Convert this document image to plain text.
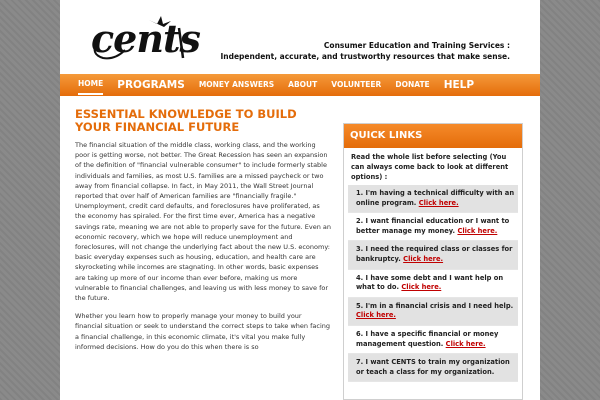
cents	Consumer Education and Training Services :
Independent, accurate, and trustworthy resources that make sense.
HOME PROGRAMS MONEY ANSWERS ABOUT VOLUNTEER DONATE HELP
ESSENTIAL KNOWLEDGE TO BUILD YOUR FINANCIAL FUTURE

The financial situation of the middle class, working class, and the working poor is getting worse, not better. The Great Recession has seen an expansion of the definition of "financial vulnerable consumer" to include formerly stable individuals and families, as most U.S. families are a missed paycheck or two away from financial collapse. In fact, in May 2011, the Wall Street Journal reported that over half of American families are "financially fragile." Unemployment, credit card defaults, and foreclosures have proliferated, as the economy has spiraled. For the first time ever, America has a negative savings rate, meaning we are not able to properly save for the future. Even an economic recovery, which we hope will reduce unemployment and foreclosures, will not change the underlying fact about the new U.S. economy: basic everyday expenses such as housing, education, and health care are skyrocketing while incomes are stagnating. In other words, basic expenses are taking up more of our income than ever before, making us more vulnerable to financial challenges, and leaving us with less money to save for the future.

Whether you learn how to properly manage your money to build your financial situation or seek to understand the correct steps to take when facing a financial challenge, in this economic climate, it's vital you make fully informed decisions. How do you do this when there is so

QUICK LINKS
Read the whole list before selecting (You can always come back to look at different options) :
1. I'm having a technical difficulty with an online program. Click here.
2. I want financial education or I want to better manage my money. Click here.
3. I need the required class or classes for bankruptcy. Click here.
4. I have some debt and I want help on what to do. Click here.
5. I'm in a financial crisis and I need help. Click here.
6. I have a specific financial or money management question. Click here.
7. I want CENTS to train my organization or teach a class for my organization.
